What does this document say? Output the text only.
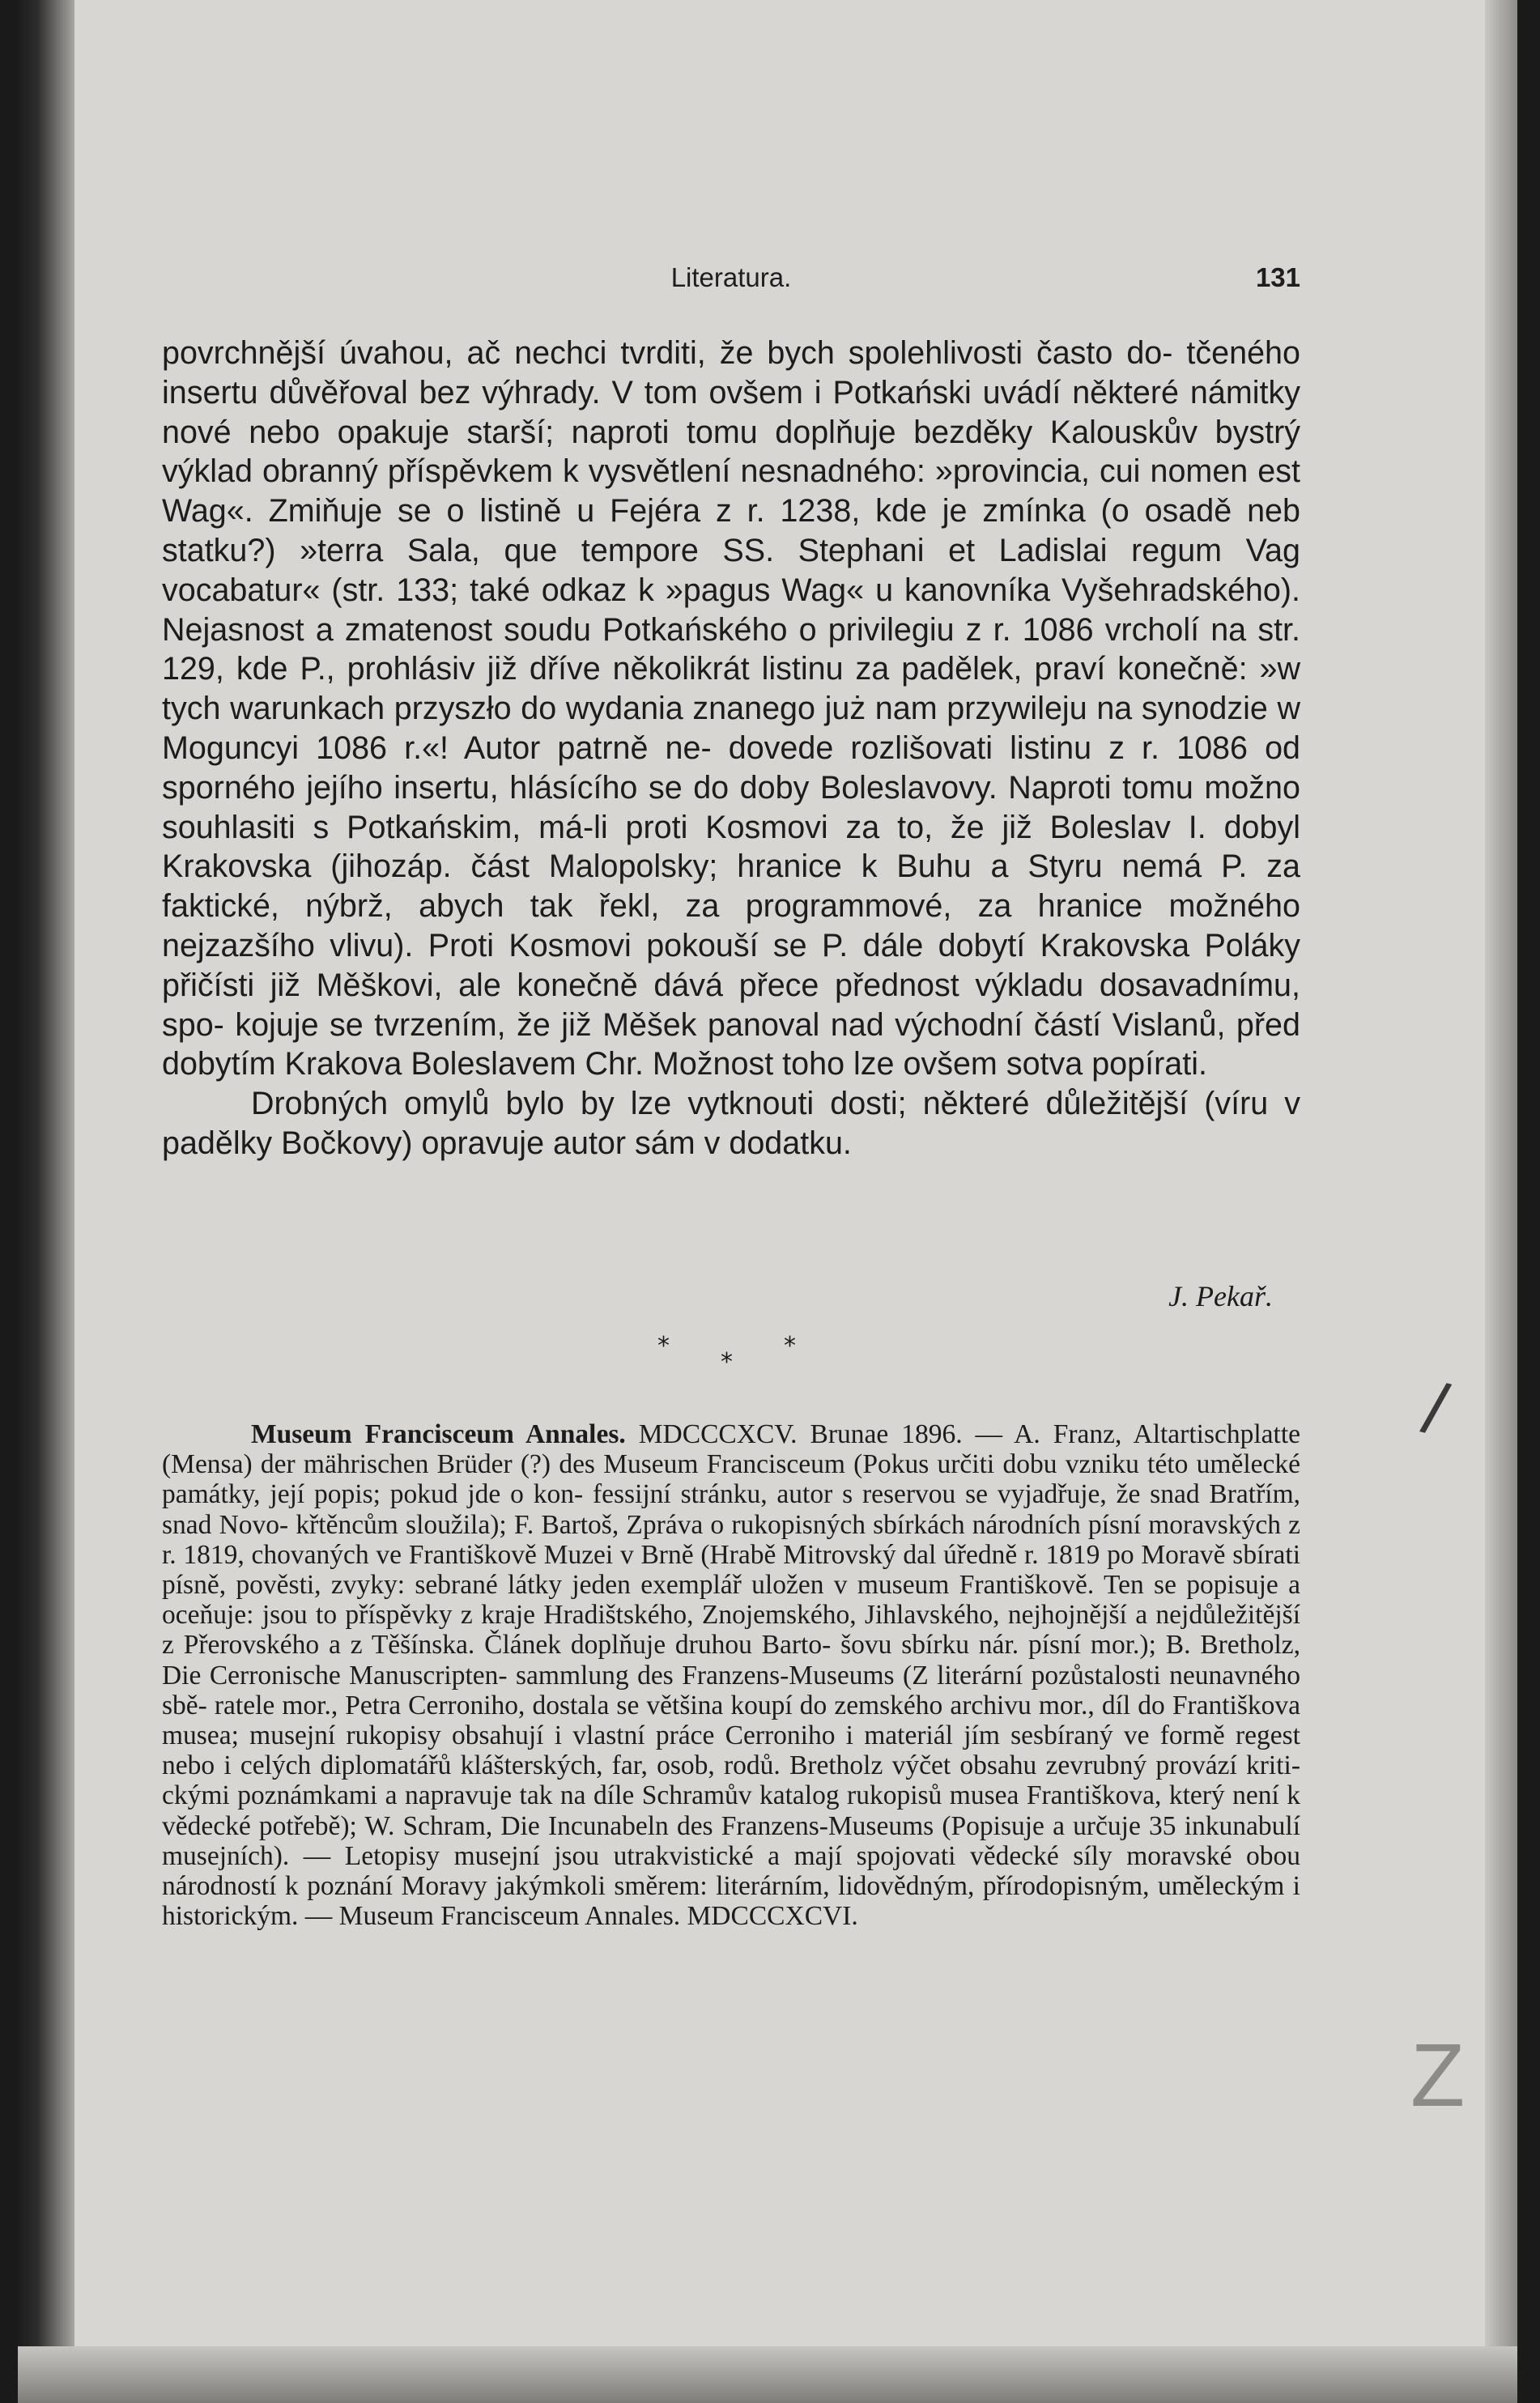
Literatura.	131

povrchnější úvahou, ač nechci tvrditi, že bych spolehlivosti často do- tčeného insertu důvěřoval bez výhrady. V tom ovšem i Potkański uvádí některé námitky nové nebo opakuje starší; naproti tomu doplňuje bezděky Kalouskův bystrý výklad obranný příspěvkem k vysvětlení nesnadného: »provincia, cui nomen est Wag«. Zmiňuje se o listině u Fejéra z r. 1238, kde je zmínka (o osadě neb statku?) »terra Sala, que tempore SS. Stephani et Ladislai regum Vag vocabatur« (str. 133; také odkaz k »pagus Wag« u kanovníka Vyšehradského). Nejasnost a zmatenost soudu Potkańského o privilegiu z r. 1086 vrcholí na str. 129, kde P., prohlásiv již dříve několikrát listinu za padělek, praví konečně: »w tych warunkach przyszło do wydania znanego już nam przywileju na synodzie w Moguncyi 1086 r.«! Autor patrně ne- dovede rozlišovati listinu z r. 1086 od sporného jejího insertu, hlásícího se do doby Boleslavovy. Naproti tomu možno souhlasiti s Potkańskim, má-li proti Kosmovi za to, že již Boleslav I. dobyl Krakovska (jihozáp. část Malopolsky; hranice k Buhu a Styru nemá P. za faktické, nýbrž, abych tak řekl, za programmové, za hranice možného nejzazšího vlivu). Proti Kosmovi pokouší se P. dále dobytí Krakovska Poláky přičísti již Měškovi, ale konečně dává přece přednost výkladu dosavadnímu, spo- kojuje se tvrzením, že již Měšek panoval nad východní částí Vislanů, před dobytím Krakova Boleslavem Chr. Možnost toho lze ovšem sotva popírati.

Drobných omylů bylo by lze vytknouti dosti; některé důležitější (víru v padělky Bočkovy) opravuje autor sám v dodatku.

J. Pekař.
*
*
*

Museum Francisceum Annales. MDCCCXCV. Brunae 1896. — A. Franz, Altartischplatte (Mensa) der mährischen Brüder (?) des Museum Francisceum (Pokus určiti dobu vzniku této umělecké památky, její popis; pokud jde o kon- fessijní stránku, autor s reservou se vyjadřuje, že snad Bratřím, snad Novo- křtěncům sloužila); F. Bartoš, Zpráva o rukopisných sbírkách národních písní moravských z r. 1819, chovaných ve Františkově Muzei v Brně (Hrabě Mitrovský dal úředně r. 1819 po Moravě sbírati písně, pověsti, zvyky: sebrané látky jeden exemplář uložen v museum Františkově. Ten se popisuje a oceňuje: jsou to příspěvky z kraje Hradištského, Znojemského, Jihlavského, nejhojnější a nejdůležitější z Přerovského a z Těšínska. Článek doplňuje druhou Barto- šovu sbírku nár. písní mor.); B. Bretholz, Die Cerronische Manuscripten- sammlung des Franzens-Museums (Z literární pozůstalosti neunavného sbě- ratele mor., Petra Cerroniho, dostala se většina koupí do zemského archivu mor., díl do Františkova musea; musejní rukopisy obsahují i vlastní práce Cerroniho i materiál jím sesbíraný ve formě regest nebo i celých diplomatářů klášterských, far, osob, rodů. Bretholz výčet obsahu zevrubný provází kriti- ckými poznámkami a napravuje tak na díle Schramův katalog rukopisů musea Františkova, který není k vědecké potřebě); W. Schram, Die Incunabeln des Franzens-Museums (Popisuje a určuje 35 inkunabulí musejních). — Letopisy musejní jsou utrakvistické a mají spojovati vědecké síly moravské obou národností k poznání Moravy jakýmkoli směrem: literárním, lidovědným, přírodopisným, uměleckým i historickým. — Museum Francisceum Annales. MDCCCXCVI.

/
Z
